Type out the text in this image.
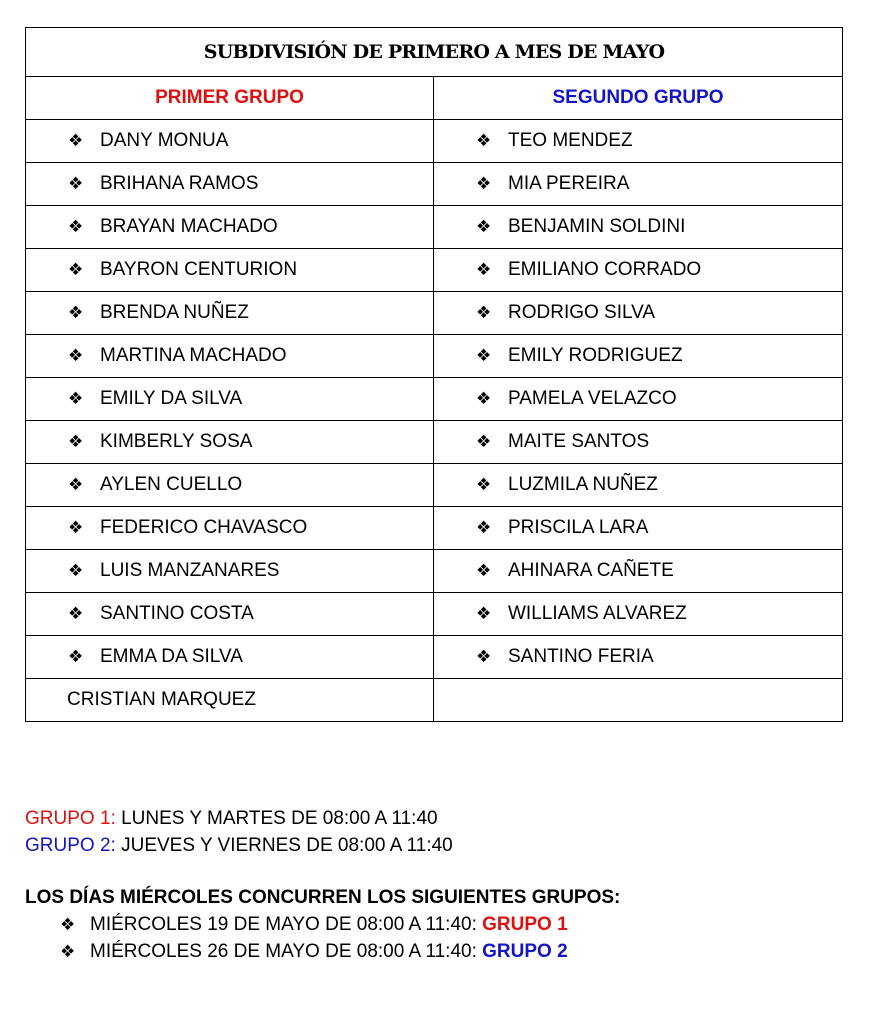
SUBDIVISIÓN DE PRIMERO A MES DE MAYO	
PRIMER GRUPO	SEGUNDO GRUPO

❖ DANY MONUA	❖ TEO MENDEZ

❖ BRIHANA RAMOS	❖ MIA PEREIRA

❖ BRAYAN MACHADO	❖ BENJAMIN SOLDINI

❖ BAYRON CENTURION	❖ EMILIANO CORRADO

❖ BRENDA NUÑEZ	❖ RODRIGO SILVA

❖ MARTINA MACHADO	❖ EMILY RODRIGUEZ

❖ EMILY DA SILVA	❖ PAMELA VELAZCO

❖ KIMBERLY SOSA	❖ MAITE SANTOS

❖ AYLEN CUELLO	❖ LUZMILA NUÑEZ

❖ FEDERICO CHAVASCO	❖ PRISCILA LARA

❖ LUIS MANZANARES	❖ AHINARA CAÑETE

❖ SANTINO COSTA	❖ WILLIAMS ALVAREZ

❖ EMMA DA SILVA	❖ SANTINO FERIA

CRISTIAN MARQUEZ	
GRUPO 1: LUNES Y MARTES DE 08:00 A 11:40
GRUPO 2: JUEVES Y VIERNES DE 08:00 A 11:40
LOS DÍAS MIÉRCOLES CONCURREN LOS SIGUIENTES GRUPOS:
❖ MIÉRCOLES 19 DE MAYO DE 08:00 A 11:40: GRUPO 1
❖ MIÉRCOLES 26 DE MAYO DE 08:00 A 11:40: GRUPO 2
